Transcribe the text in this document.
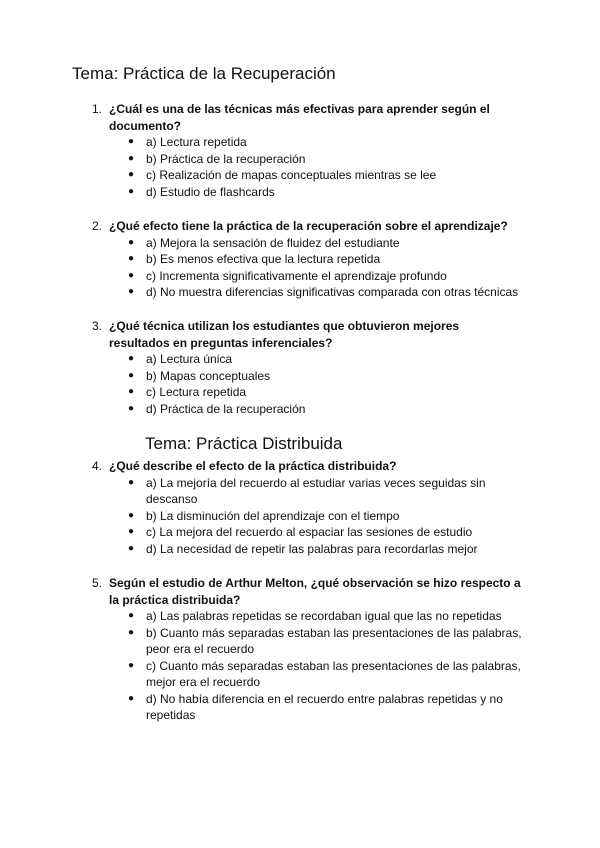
Tema: Práctica de la Recuperación
1. ¿Cuál es una de las técnicas más efectivas para aprender según el documento?
● a) Lectura repetida
● b) Práctica de la recuperación
● c) Realización de mapas conceptuales mientras se lee
● d) Estudio de flashcards
2. ¿Qué efecto tiene la práctica de la recuperación sobre el aprendizaje?
● a) Mejora la sensación de fluidez del estudiante
● b) Es menos efectiva que la lectura repetida
● c) Incrementa significativamente el aprendizaje profundo
● d) No muestra diferencias significativas comparada con otras técnicas
3. ¿Qué técnica utilizan los estudiantes que obtuvieron mejores resultados en preguntas inferenciales?
● a) Lectura única
● b) Mapas conceptuales
● c) Lectura repetida
● d) Práctica de la recuperación
Tema: Práctica Distribuida
4. ¿Qué describe el efecto de la práctica distribuida?
● a) La mejoría del recuerdo al estudiar varias veces seguidas sin descanso
● b) La disminución del aprendizaje con el tiempo
● c) La mejora del recuerdo al espaciar las sesiones de estudio
● d) La necesidad de repetir las palabras para recordarlas mejor
5. Según el estudio de Arthur Melton, ¿qué observación se hizo respecto a la práctica distribuida?
● a) Las palabras repetidas se recordaban igual que las no repetidas
● b) Cuanto más separadas estaban las presentaciones de las palabras, peor era el recuerdo
● c) Cuanto más separadas estaban las presentaciones de las palabras, mejor era el recuerdo
● d) No había diferencia en el recuerdo entre palabras repetidas y no repetidas
